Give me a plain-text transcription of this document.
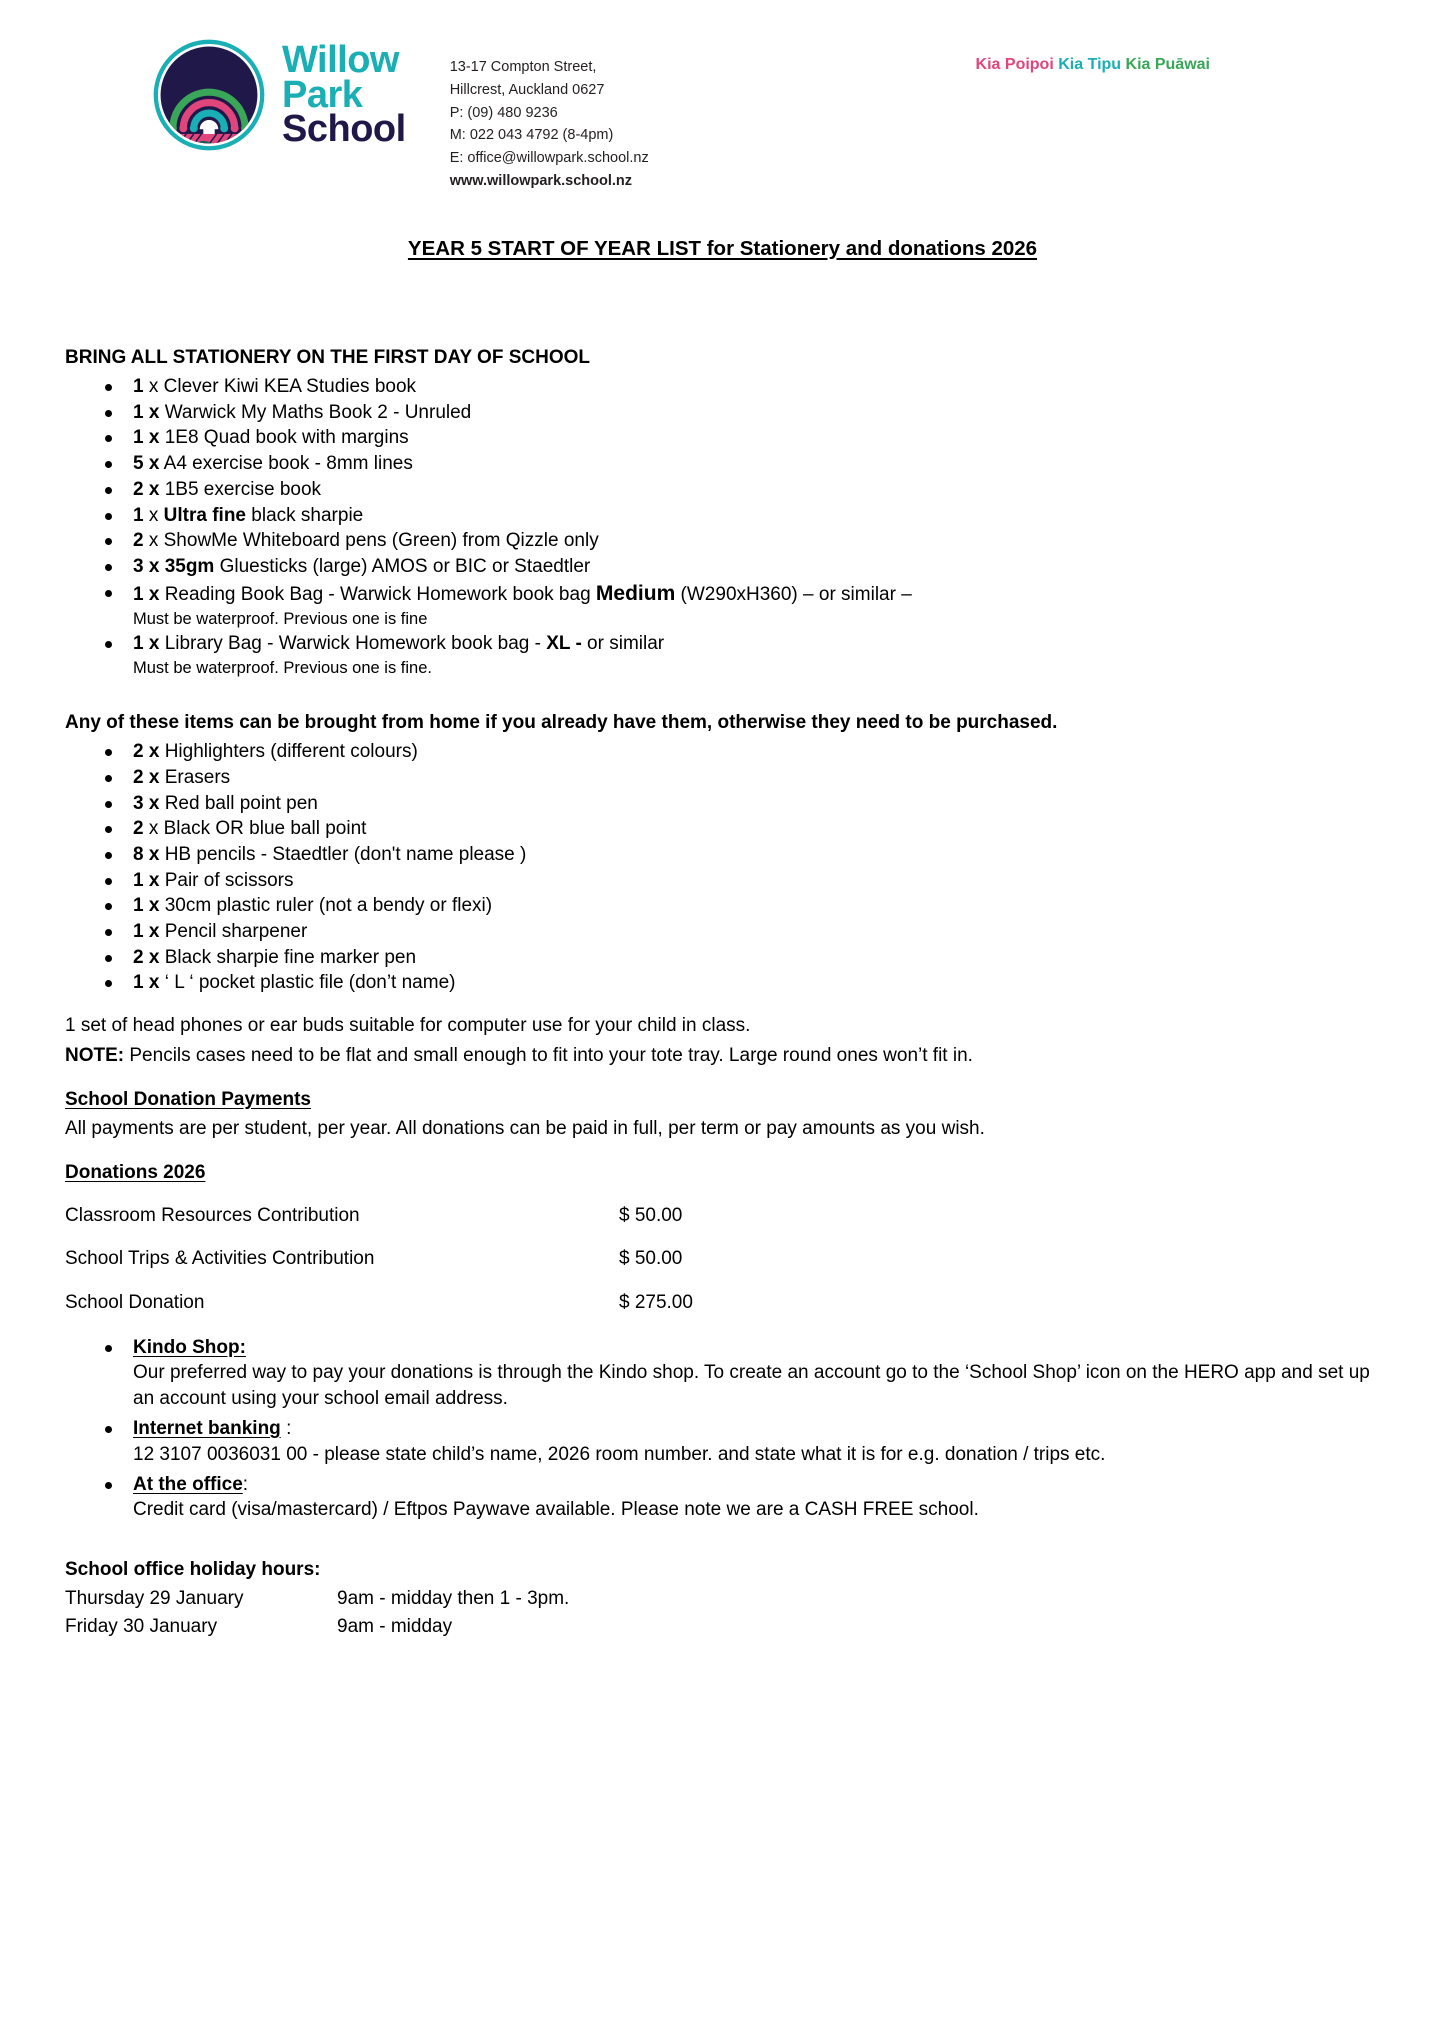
Willow
Park
School
13-17 Compton Street,
Hillcrest, Auckland 0627
P: (09) 480 9236
M: 022 043 4792 (8-4pm)
E: office@willowpark.school.nz
www.willowpark.school.nz
Kia Poipoi Kia Tipu Kia Puāwai
YEAR 5 START OF YEAR LIST for Stationery and donations 2026
BRING ALL STATIONERY ON THE FIRST DAY OF SCHOOL
1 x Clever Kiwi KEA Studies book
1 x Warwick My Maths Book 2 - Unruled
1 x 1E8 Quad book with margins
5 x A4 exercise book - 8mm lines
2 x 1B5 exercise book
1 x Ultra fine black sharpie
2 x ShowMe Whiteboard pens (Green) from Qizzle only
3 x 35gm Gluesticks (large) AMOS or BIC or Staedtler
1 x Reading Book Bag - Warwick Homework book bag Medium (W290xH360) – or similar –
Must be waterproof. Previous one is fine
1 x Library Bag - Warwick Homework book bag - XL - or similar
Must be waterproof. Previous one is fine.
Any of these items can be brought from home if you already have them, otherwise they need to be purchased.
2 x Highlighters (different colours)
2 x Erasers
3 x Red ball point pen
2 x Black OR blue ball point
8 x HB pencils - Staedtler (don't name please )
1 x Pair of scissors
1 x 30cm plastic ruler (not a bendy or flexi)
1 x Pencil sharpener
2 x Black sharpie fine marker pen
1 x ‘ L ‘ pocket plastic file (don’t name)
1 set of head phones or ear buds suitable for computer use for your child in class.
NOTE: Pencils cases need to be flat and small enough to fit into your tote tray. Large round ones won’t fit in.
School Donation Payments
All payments are per student, per year. All donations can be paid in full, per term or pay amounts as you wish.
Donations 2026
Classroom Resources Contribution	$ 50.00
School Trips & Activities Contribution	$ 50.00
School Donation	$ 275.00
Kindo Shop:
Our preferred way to pay your donations is through the Kindo shop. To create an account go to the ‘School Shop’ icon on the HERO app and set up an account using your school email address.
Internet banking :
12 3107 0036031 00 - please state child’s name, 2026 room number. and state what it is for e.g. donation / trips etc.
At the office:
Credit card (visa/mastercard) / Eftpos Paywave available. Please note we are a CASH FREE school.
School office holiday hours:
Thursday 29 January	9am - midday then 1 - 3pm.
Friday 30 January	9am - midday
